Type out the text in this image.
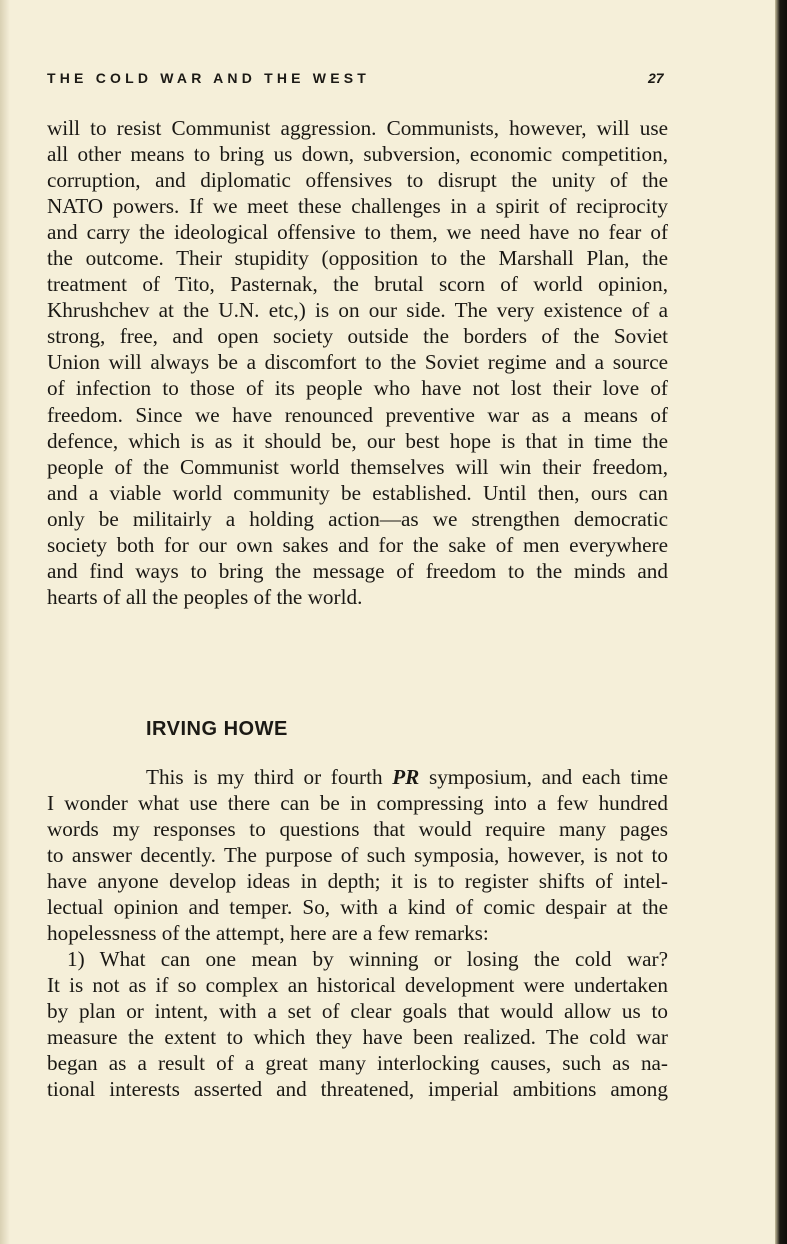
THE COLD WAR AND THE WEST	27
will to resist Communist aggression. Communists, however, will use
all other means to bring us down, subversion, economic competition,
corruption, and diplomatic offensives to disrupt the unity of the
NATO powers. If we meet these challenges in a spirit of reciprocity
and carry the ideological offensive to them, we need have no fear of
the outcome. Their stupidity (opposition to the Marshall Plan, the
treatment of Tito, Pasternak, the brutal scorn of world opinion,
Khrushchev at the U.N. etc,) is on our side. The very existence of a
strong, free, and open society outside the borders of the Soviet
Union will always be a discomfort to the Soviet regime and a source
of infection to those of its people who have not lost their love of
freedom. Since we have renounced preventive war as a means of
defence, which is as it should be, our best hope is that in time the
people of the Communist world themselves will win their freedom,
and a viable world community be established. Until then, ours can
only be militairly a holding action—as we strengthen democratic
society both for our own sakes and for the sake of men everywhere
and find ways to bring the message of freedom to the minds and
hearts of all the peoples of the world.
IRVING HOWE
This is my third or fourth PR symposium, and each time
I wonder what use there can be in compressing into a few hundred
words my responses to questions that would require many pages
to answer decently. The purpose of such symposia, however, is not to
have anyone develop ideas in depth; it is to register shifts of intel-
lectual opinion and temper. So, with a kind of comic despair at the
hopelessness of the attempt, here are a few remarks:
1) What can one mean by winning or losing the cold war?
It is not as if so complex an historical development were undertaken
by plan or intent, with a set of clear goals that would allow us to
measure the extent to which they have been realized. The cold war
began as a result of a great many interlocking causes, such as na-
tional interests asserted and threatened, imperial ambitions among
